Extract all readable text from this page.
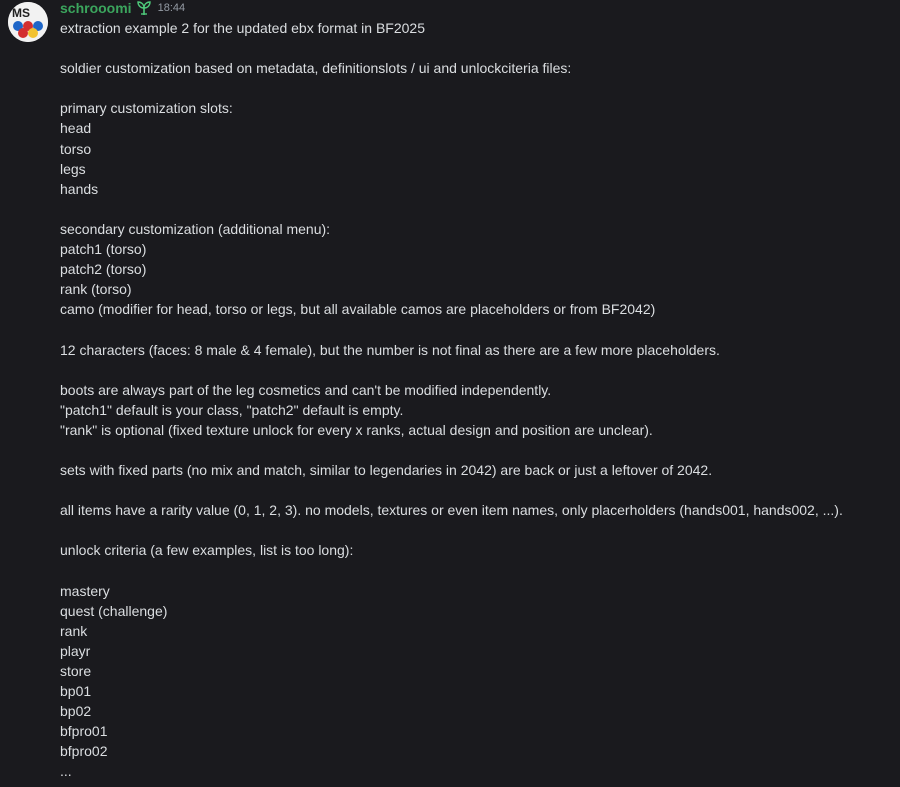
MS schrooomi 18:44
extraction example 2 for the updated ebx format in BF2025
soldier customization based on metadata, definitionslots / ui and unlockciteria files:
primary customization slots:
head
torso
legs
hands
secondary customization (additional menu):
patch1 (torso)
patch2 (torso)
rank (torso)
camo (modifier for head, torso or legs, but all available camos are placeholders or from BF2042)
12 characters (faces: 8 male & 4 female), but the number is not final as there are a few more placeholders.
boots are always part of the leg cosmetics and can't be modified independently.
"patch1" default is your class, "patch2" default is empty.
"rank" is optional (fixed texture unlock for every x ranks, actual design and position are unclear).
sets with fixed parts (no mix and match, similar to legendaries in 2042) are back or just a leftover of 2042.
all items have a rarity value (0, 1, 2, 3). no models, textures or even item names, only placerholders (hands001, hands002, ...).
unlock criteria (a few examples, list is too long):
mastery
quest (challenge)
rank
playr
store
bp01
bp02
bfpro01
bfpro02
...
